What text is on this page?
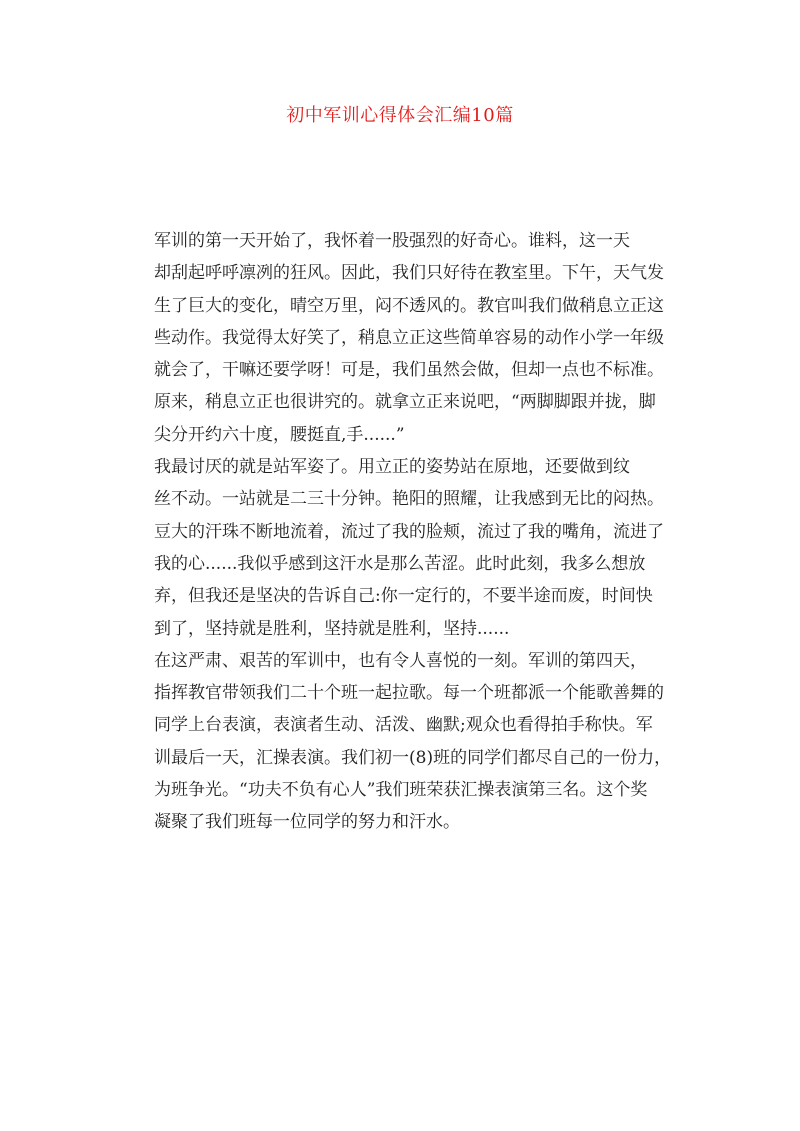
初中军训心得体会汇编10篇

军训的第一天开始了，我怀着一股强烈的好奇心。谁料，这一天
却刮起呼呼凛冽的狂风。因此，我们只好待在教室里。下午，天气发
生了巨大的变化，晴空万里，闷不透风的。教官叫我们做稍息立正这
些动作。我觉得太好笑了，稍息立正这些简单容易的动作小学一年级
就会了，干嘛还要学呀！可是，我们虽然会做，但却一点也不标准。
原来，稍息立正也很讲究的。就拿立正来说吧，“两脚脚跟并拢，脚
尖分开约六十度，腰挺直,手......”

我最讨厌的就是站军姿了。用立正的姿势站在原地，还要做到纹
丝不动。一站就是二三十分钟。艳阳的照耀，让我感到无比的闷热。
豆大的汗珠不断地流着，流过了我的脸颊，流过了我的嘴角，流进了
我的心......我似乎感到这汗水是那么苦涩。此时此刻，我多么想放
弃，但我还是坚决的告诉自己:你一定行的，不要半途而废，时间快
到了，坚持就是胜利，坚持就是胜利，坚持......

在这严肃、艰苦的军训中，也有令人喜悦的一刻。军训的第四天，
指挥教官带领我们二十个班一起拉歌。每一个班都派一个能歌善舞的
同学上台表演，表演者生动、活泼、幽默;观众也看得拍手称快。军
训最后一天，汇操表演。我们初一(8)班的同学们都尽自己的一份力，
为班争光。“功夫不负有心人”我们班荣获汇操表演第三名。这个奖
凝聚了我们班每一位同学的努力和汗水。
